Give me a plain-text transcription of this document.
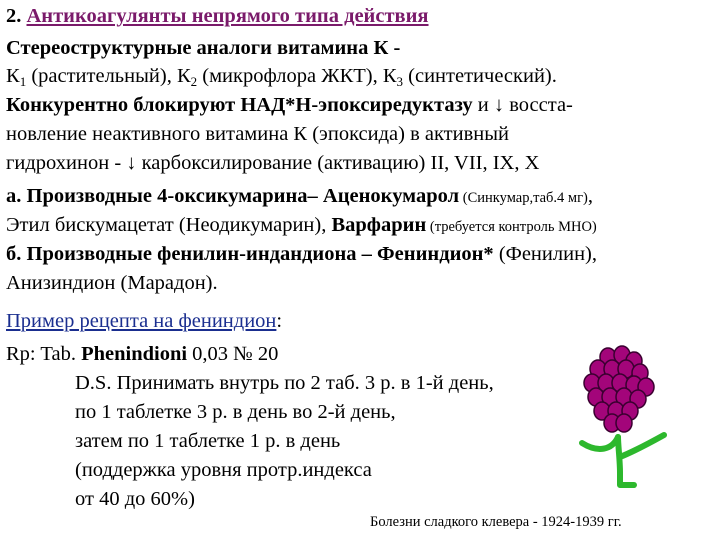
2. Антикоагулянты непрямого типа действия
Стереоструктурные аналоги витамина К -
$К_1$ (растительный), $К_2$ (микрофлора ЖКТ), $К_3$ (синтетический).
Конкурентно блокируют НАД*Н-эпоксиредуктазу и ↓ восста-
новление неактивного витамина К (эпоксида) в активный
гидрохинон - ↓ карбоксилирование (активацию) II, VII, IX, X
а. Производные 4-оксикумарина– Аценокумарол (Синкумар,таб.4 мг),
Этил бискумацетат (Неодикумарин), Варфарин (требуется контроль МНО)
б. Производные фенилин-индандиона – Фениндион* (Фенилин),
Анизиндион (Марадон).
Пример рецепта на фениндион:
Rp: Tab. Phenindioni 0,03 № 20
D.S. Принимать внутрь по 2 таб. 3 р. в 1-й день,
по 1 таблетке 3 р. в день во 2-й день,
затем по 1 таблетке 1 р. в день
(поддержка уровня протр.индекса
от 40 до 60%)
Болезни сладкого клевера - 1924-1939 гг.
